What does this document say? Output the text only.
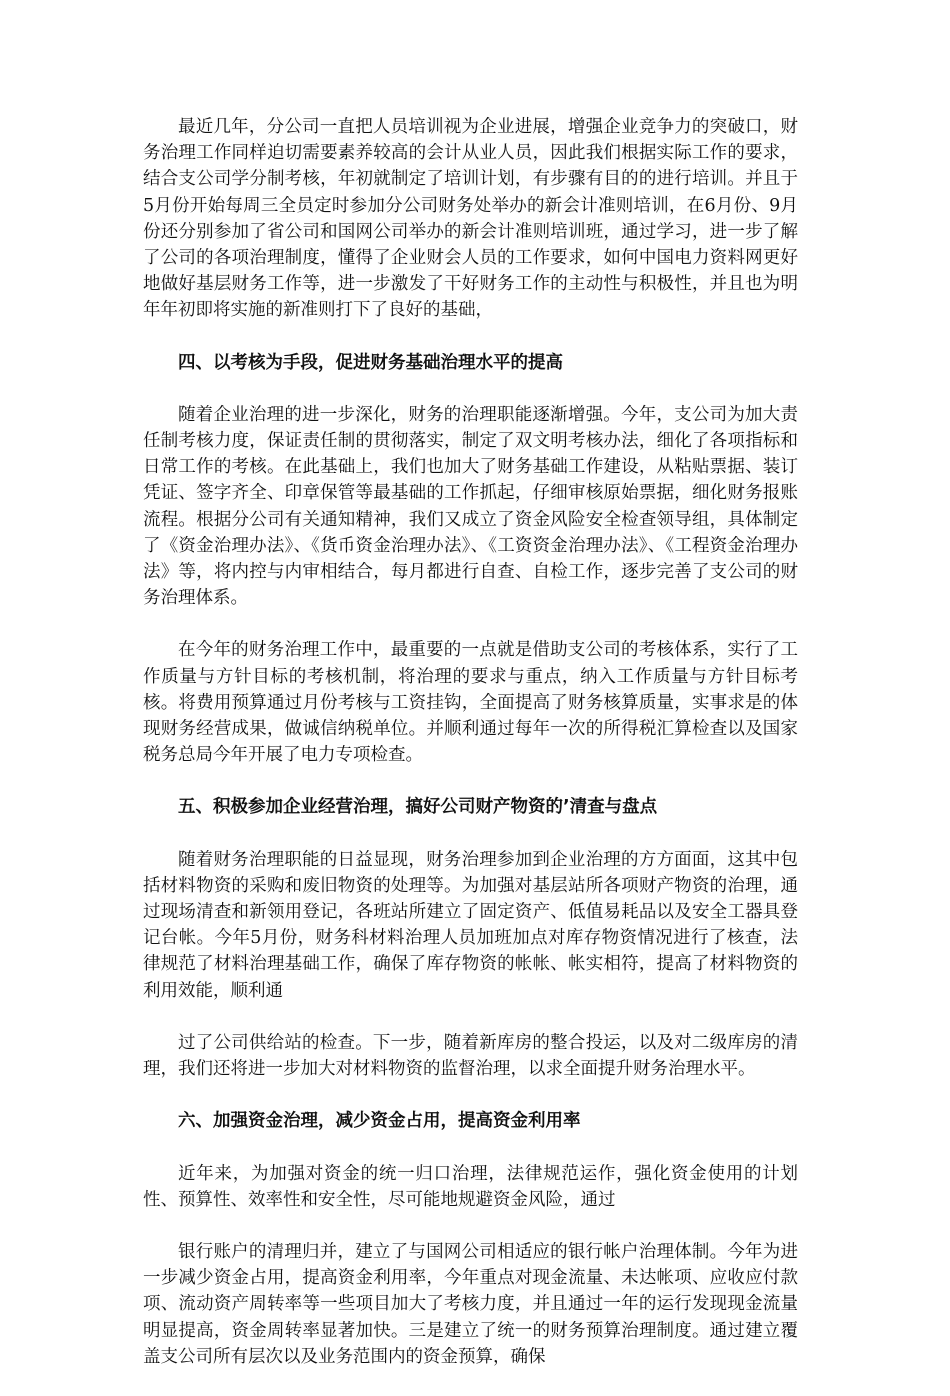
最近几年，分公司一直把人员培训视为企业进展，增强企业竞争力的突破口，财务治理工作同样迫切需要素养较高的会计从业人员，因此我们根据实际工作的要求，结合支公司学分制考核，年初就制定了培训计划，有步骤有目的的进行培训。并且于5月份开始每周三全员定时参加分公司财务处举办的新会计准则培训，在6月份、9月份还分别参加了省公司和国网公司举办的新会计准则培训班，通过学习，进一步了解了公司的各项治理制度，懂得了企业财会人员的工作要求，如何中国电力资料网更好地做好基层财务工作等，进一步激发了干好财务工作的主动性与积极性，并且也为明年年初即将实施的新准则打下了良好的基础，

四、以考核为手段，促进财务基础治理水平的提高

随着企业治理的进一步深化，财务的治理职能逐渐增强。今年，支公司为加大责任制考核力度，保证责任制的贯彻落实，制定了双文明考核办法，细化了各项指标和日常工作的考核。在此基础上，我们也加大了财务基础工作建设，从粘贴票据、装订凭证、签字齐全、印章保管等最基础的工作抓起，仔细审核原始票据，细化财务报账流程。根据分公司有关通知精神，我们又成立了资金风险安全检查领导组，具体制定了《资金治理办法》、《货币资金治理办法》、《工资资金治理办法》、《工程资金治理办法》等，将内控与内审相结合，每月都进行自查、自检工作，逐步完善了支公司的财务治理体系。

在今年的财务治理工作中，最重要的一点就是借助支公司的考核体系，实行了工作质量与方针目标的考核机制，将治理的要求与重点，纳入工作质量与方针目标考核。将费用预算通过月份考核与工资挂钩，全面提高了财务核算质量，实事求是的体现财务经营成果，做诚信纳税单位。并顺利通过每年一次的所得税汇算检查以及国家税务总局今年开展了电力专项检查。

五、积极参加企业经营治理，搞好公司财产物资的’清查与盘点

随着财务治理职能的日益显现，财务治理参加到企业治理的方方面面，这其中包括材料物资的采购和废旧物资的处理等。为加强对基层站所各项财产物资的治理，通过现场清查和新领用登记，各班站所建立了固定资产、低值易耗品以及安全工器具登记台帐。今年5月份，财务科材料治理人员加班加点对库存物资情况进行了核查，法律规范了材料治理基础工作，确保了库存物资的帐帐、帐实相符，提高了材料物资的利用效能，顺利通

过了公司供给站的检查。下一步，随着新库房的整合投运，以及对二级库房的清理，我们还将进一步加大对材料物资的监督治理，以求全面提升财务治理水平。

六、加强资金治理，减少资金占用，提高资金利用率

近年来，为加强对资金的统一归口治理，法律规范运作，强化资金使用的计划性、预算性、效率性和安全性，尽可能地规避资金风险，通过

银行账户的清理归并，建立了与国网公司相适应的银行帐户治理体制。今年为进一步减少资金占用，提高资金利用率，今年重点对现金流量、未达帐项、应收应付款项、流动资产周转率等一些项目加大了考核力度，并且通过一年的运行发现现金流量明显提高，资金周转率显著加快。三是建立了统一的财务预算治理制度。通过建立覆盖支公司所有层次以及业务范围内的资金预算，确保
